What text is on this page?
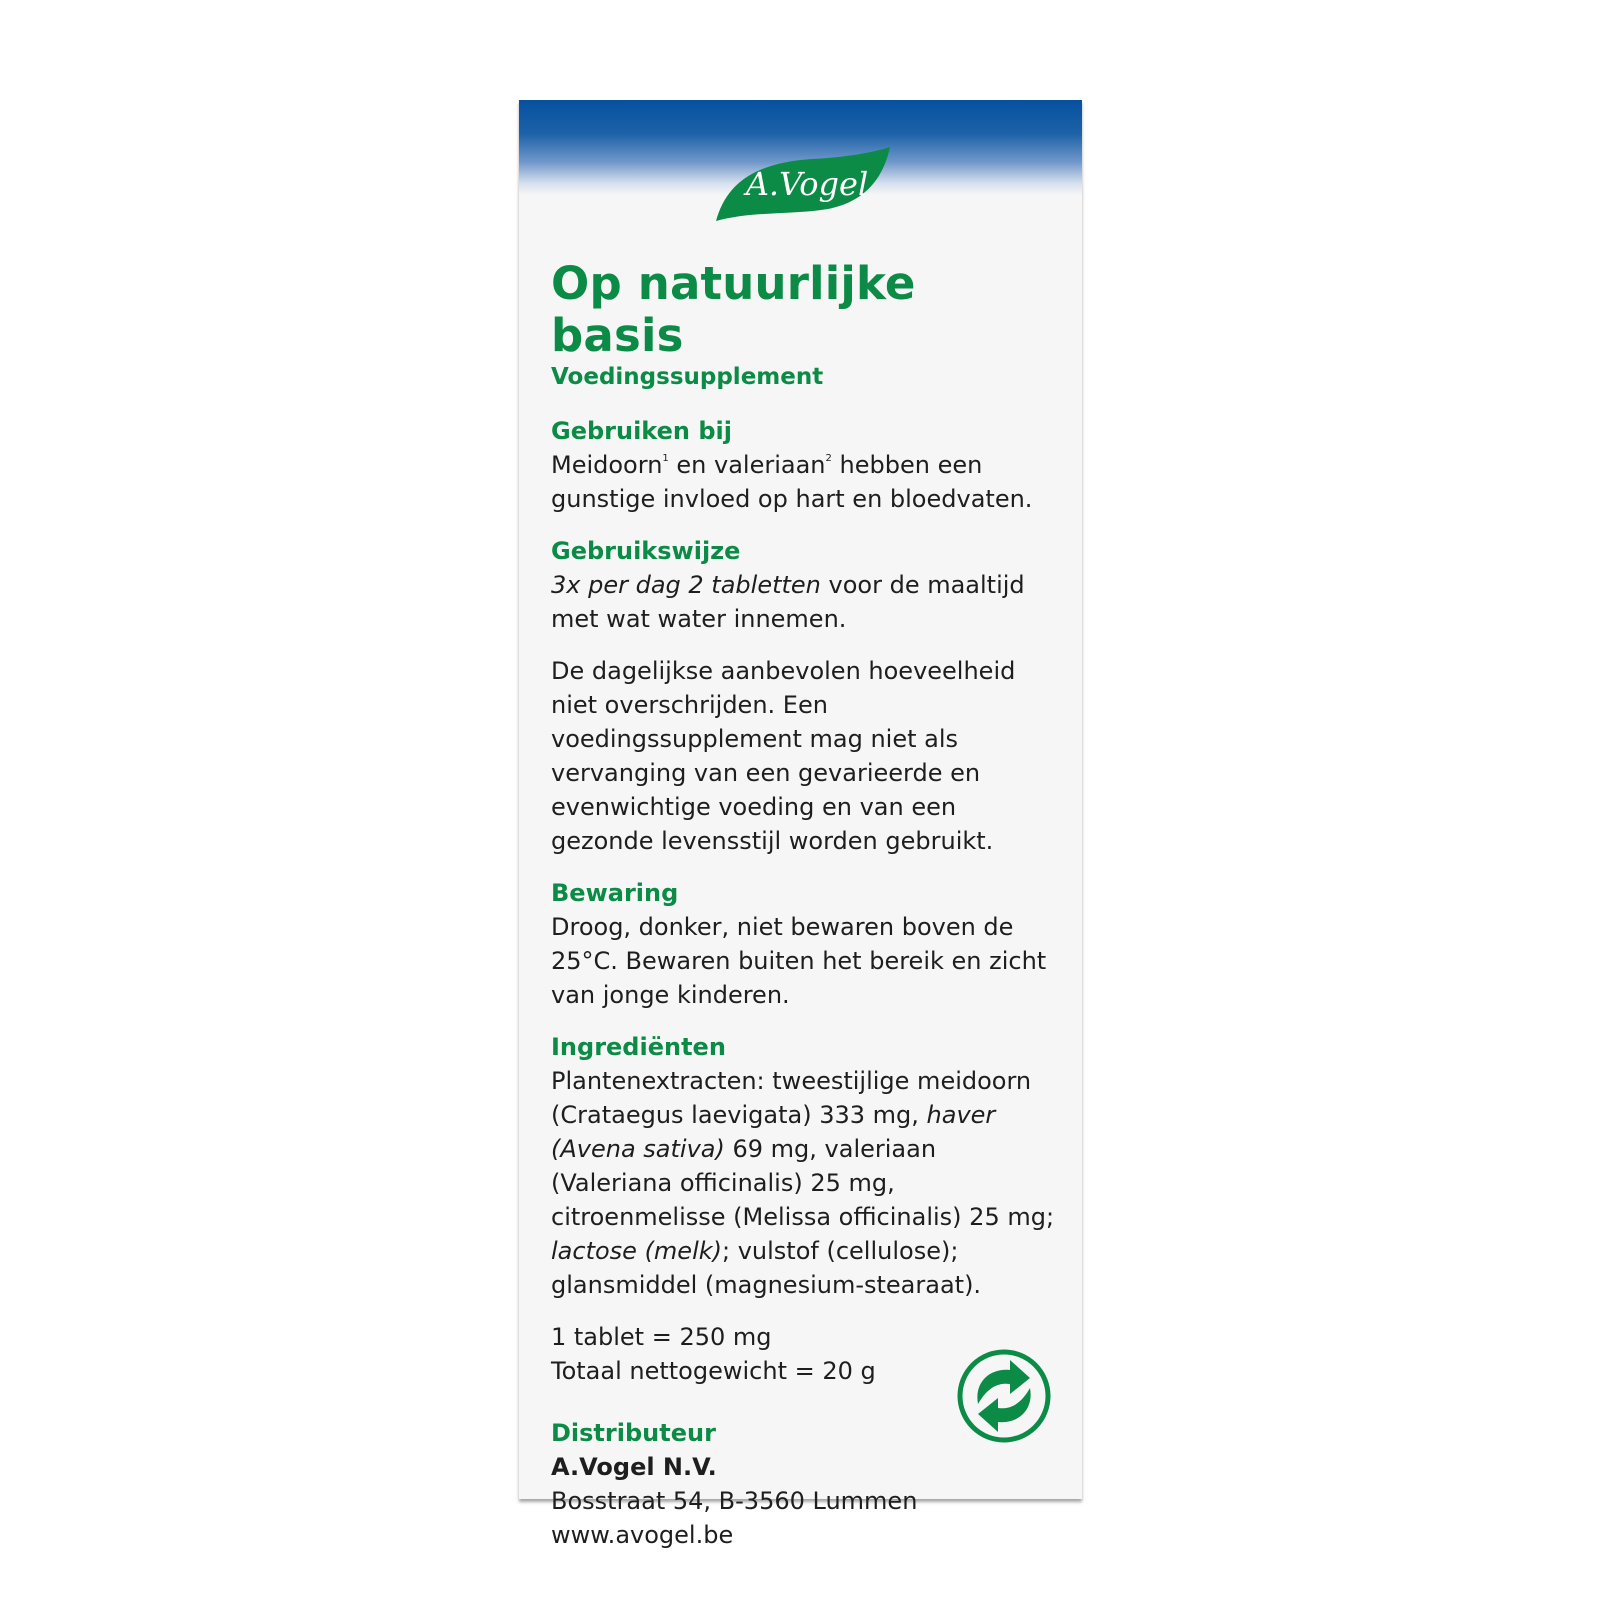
A.Vogel
Op natuurlijke basis
Voedingssupplement
Gebruiken bij
Meidoorn$^1$ en valeriaan$^2$ hebben een gunstige invloed op hart en bloedvaten.
Gebruikswijze
3x per dag 2 tabletten voor de maaltijd met wat water innemen.
De dagelijkse aanbevolen hoeveelheid niet overschrijden. Een voedingssupplement mag niet als vervanging van een gevarieerde en evenwichtige voeding en van een gezonde levensstijl worden gebruikt.
Bewaring
Droog, donker, niet bewaren boven de 25°C. Bewaren buiten het bereik en zicht van jonge kinderen.
Ingrediënten
Plantenextracten: tweestijlige meidoorn (Crataegus laevigata) 333 mg, haver (Avena sativa) 69 mg, valeriaan (Valeriana officinalis) 25 mg, citroenmelisse (Melissa officinalis) 25 mg; lactose (melk); vulstof (cellulose); glansmiddel (magnesium-stearaat).
1 tablet = 250 mg
Totaal nettogewicht = 20 g
Distributeur
A.Vogel N.V.
Bosstraat 54, B-3560 Lummen
www.avogel.be
